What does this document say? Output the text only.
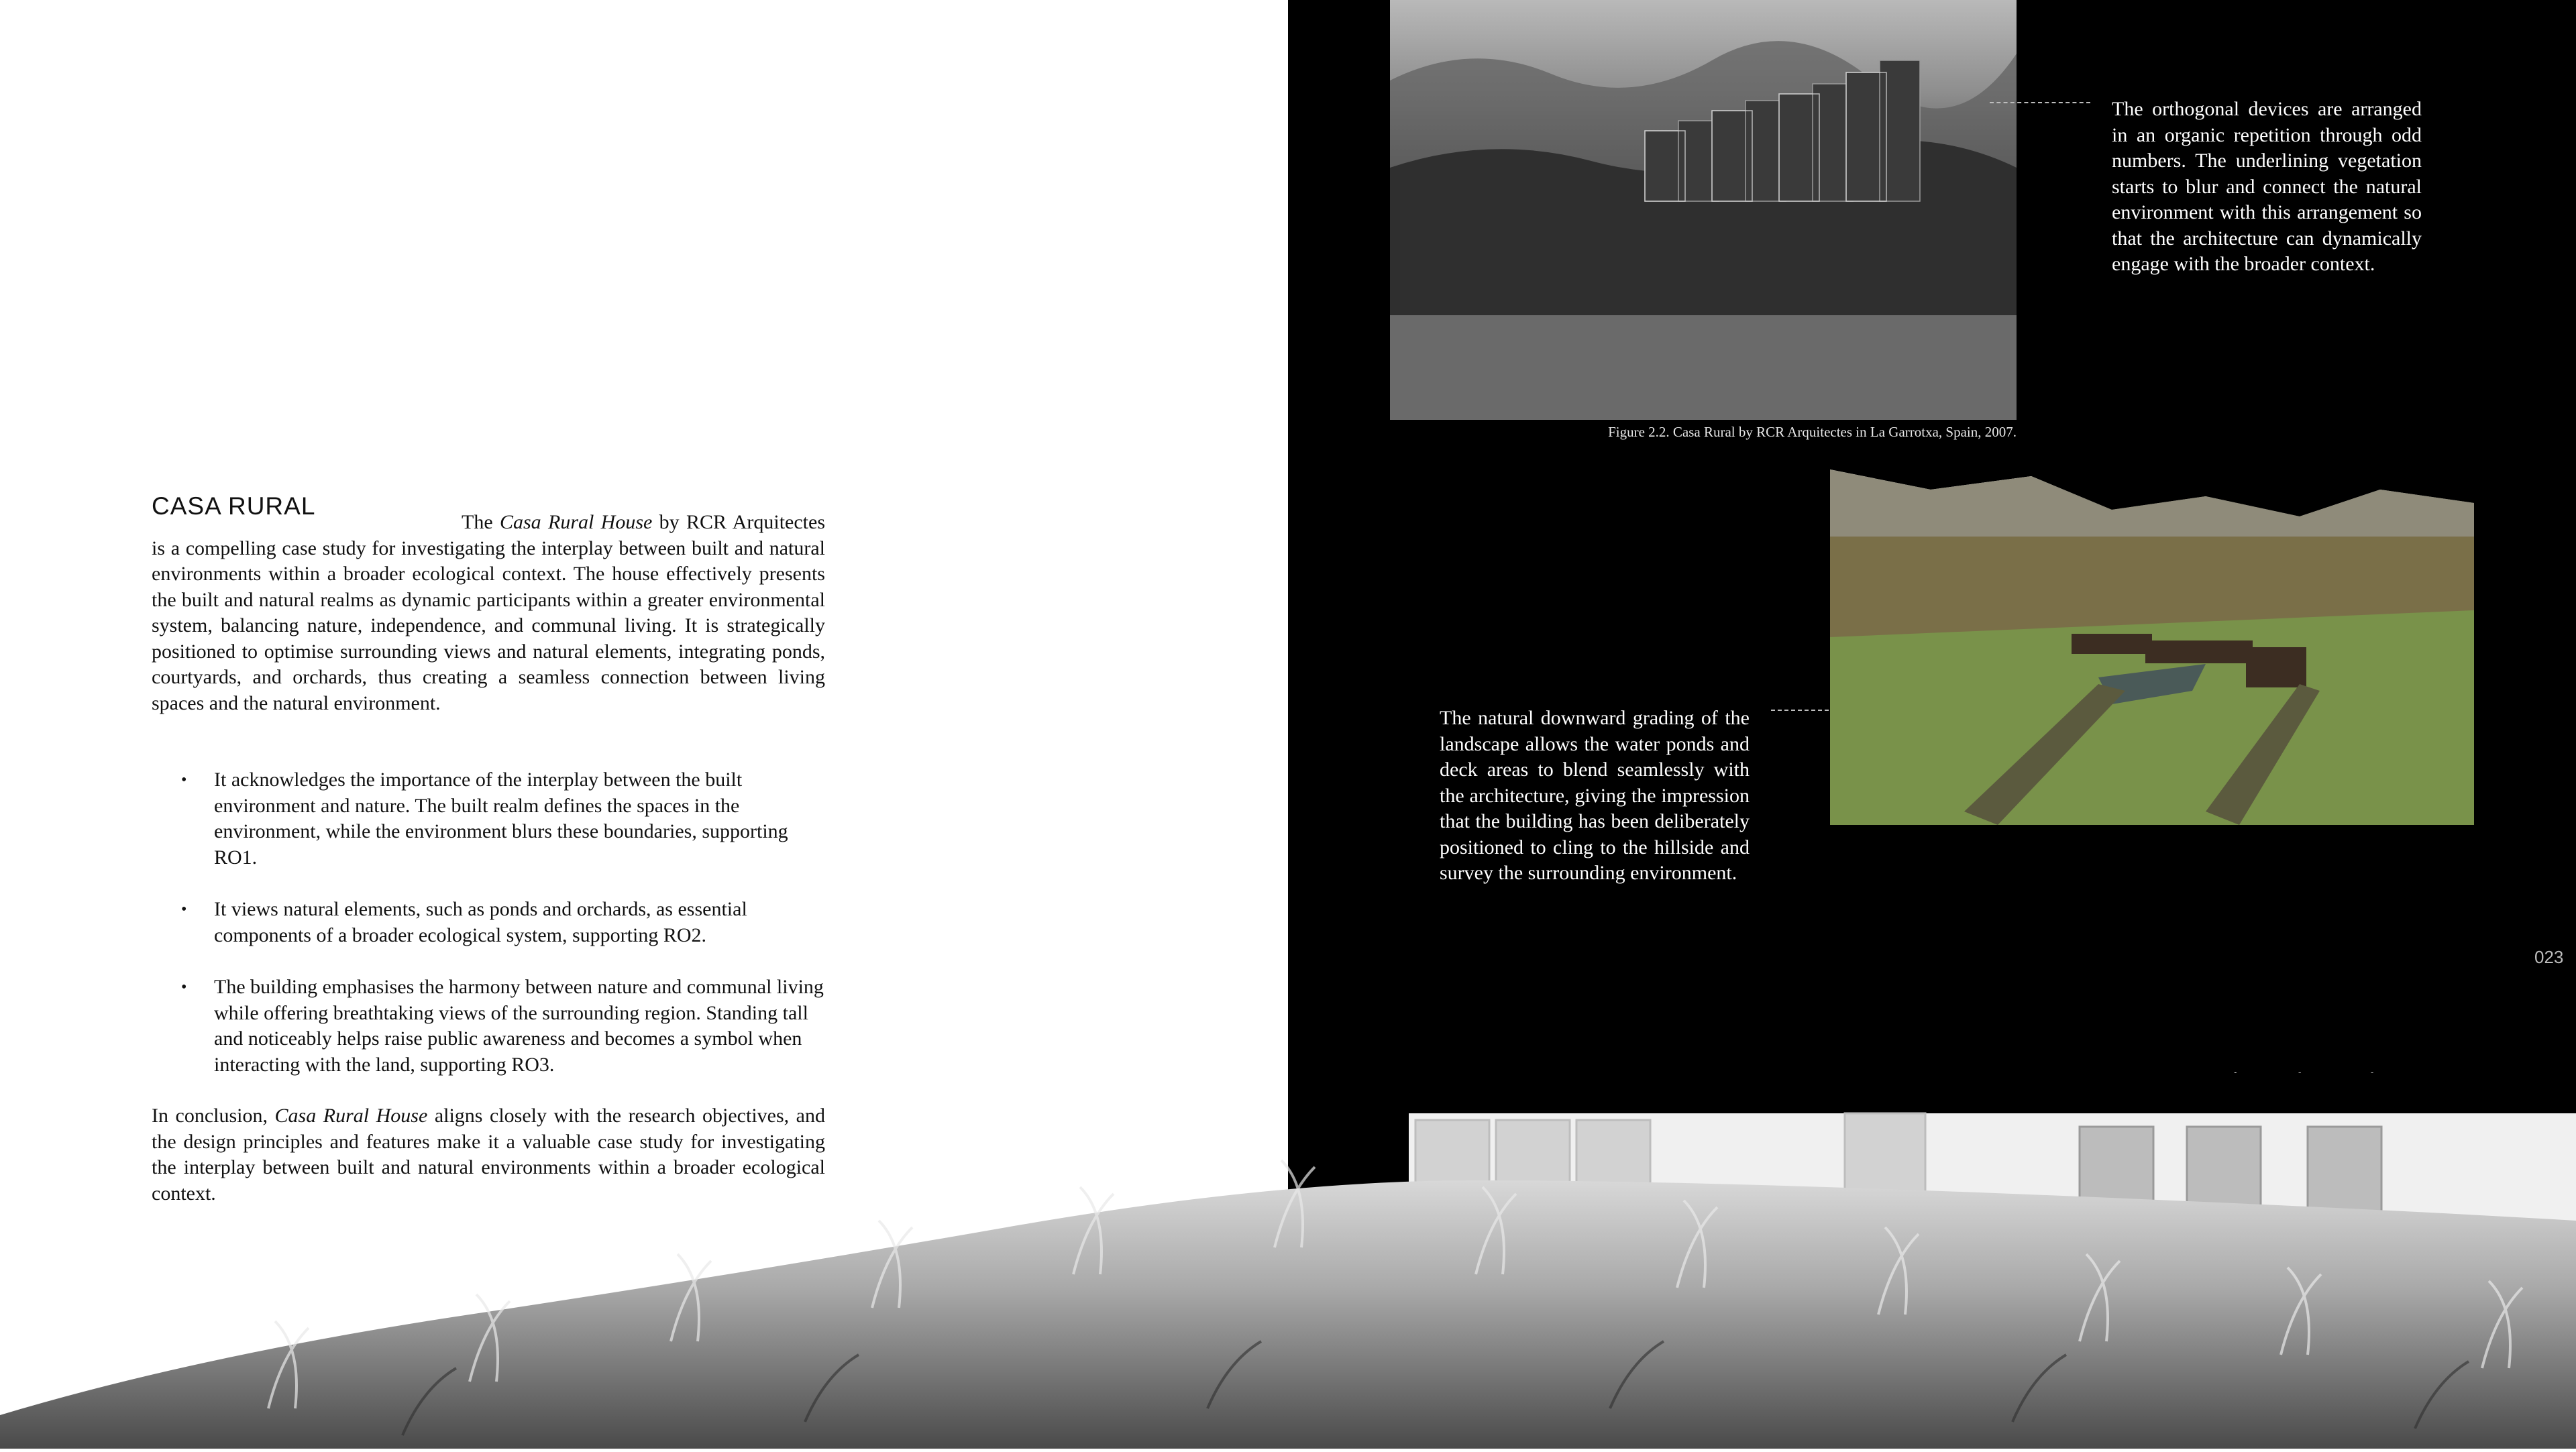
CASA RURAL
The Casa Rural House by RCR Arquitectes is a compelling case study for investigating the interplay between built and natural environments within a broader ecological context. The house effectively presents the built and natural realms as dynamic participants within a greater environmental system, balancing nature, independence, and communal living. It is strategically positioned to optimise surrounding views and natural elements, integrating ponds, courtyards, and orchards, thus creating a seamless connection between living spaces and the natural environment.
• It acknowledges the importance of the interplay between the built environment and nature. The built realm defines the spaces in the environment, while the environment blurs these boundaries, supporting RO1.
• It views natural elements, such as ponds and orchards, as essential components of a broader ecological system, supporting RO2.
• The building emphasises the harmony between nature and communal living while offering breathtaking views of the surrounding region. Standing tall and noticeably helps raise public awareness and becomes a symbol when interacting with the land, supporting RO3.
In conclusion, Casa Rural House aligns closely with the research objectives, and the design principles and features make it a valuable case study for investigating the interplay between built and natural environments within a broader ecological context.
Figure 2.2. Casa Rural by RCR Arquitectes in La Garrotxa, Spain, 2007.
The orthogonal devices are arranged in an organic repetition through odd numbers. The underlining vegetation starts to blur and connect the natural environment with this arrangement so that the architecture can dynamically engage with the broader context.
The natural downward grading of the landscape allows the water ponds and deck areas to blend seamlessly with the architecture, giving the impression that the building has been deliberately positioned to cling to the hillside and survey the surrounding environment.
023
